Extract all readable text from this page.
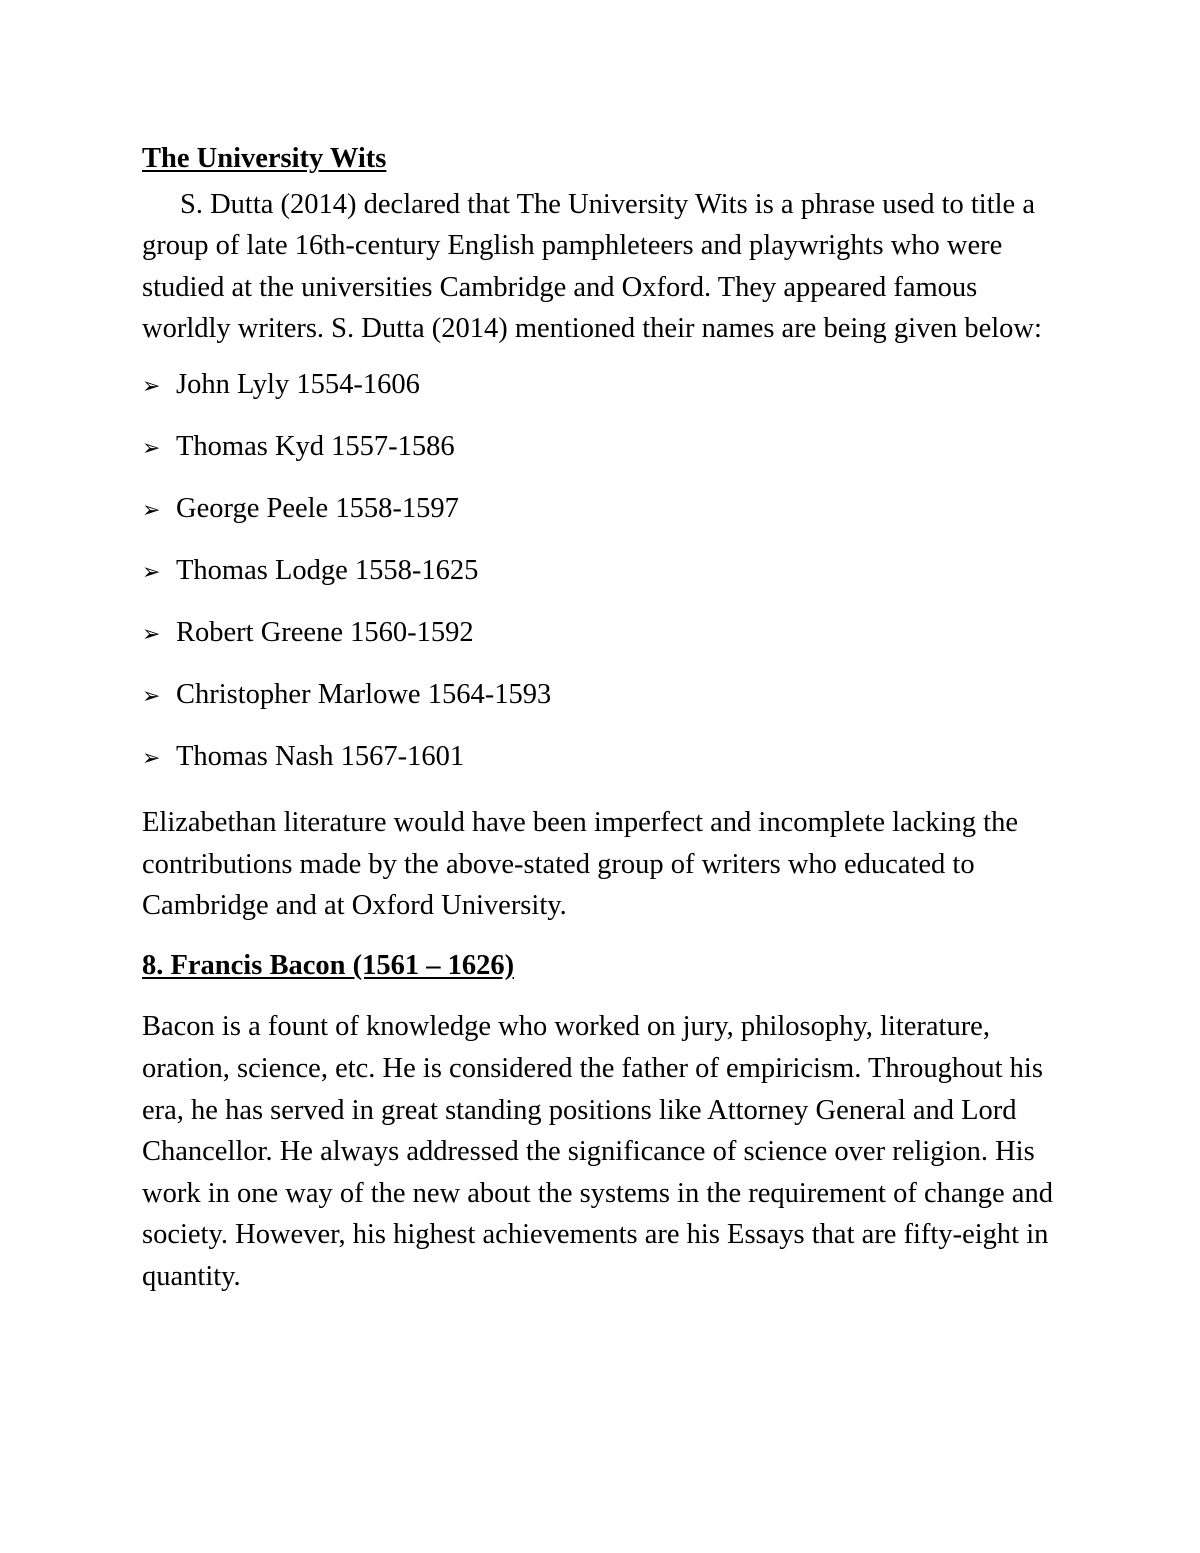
The University Wits

S. Dutta (2014) declared that The University Wits is a phrase used to title a group of late 16th-century English pamphleteers and playwrights who were studied at the universities Cambridge and Oxford. They appeared famous worldly writers. S. Dutta (2014) mentioned their names are being given below:

➢ John Lyly 1554-1606
➢ Thomas Kyd 1557-1586
➢ George Peele 1558-1597
➢ Thomas Lodge 1558-1625
➢ Robert Greene 1560-1592
➢ Christopher Marlowe 1564-1593
➢ Thomas Nash 1567-1601

Elizabethan literature would have been imperfect and incomplete lacking the contributions made by the above-stated group of writers who educated to Cambridge and at Oxford University.

8. Francis Bacon (1561 – 1626)

Bacon is a fount of knowledge who worked on jury, philosophy, literature, oration, science, etc. He is considered the father of empiricism. Throughout his era, he has served in great standing positions like Attorney General and Lord Chancellor. He always addressed the significance of science over religion. His work in one way of the new about the systems in the requirement of change and society. However, his highest achievements are his Essays that are fifty-eight in quantity.
